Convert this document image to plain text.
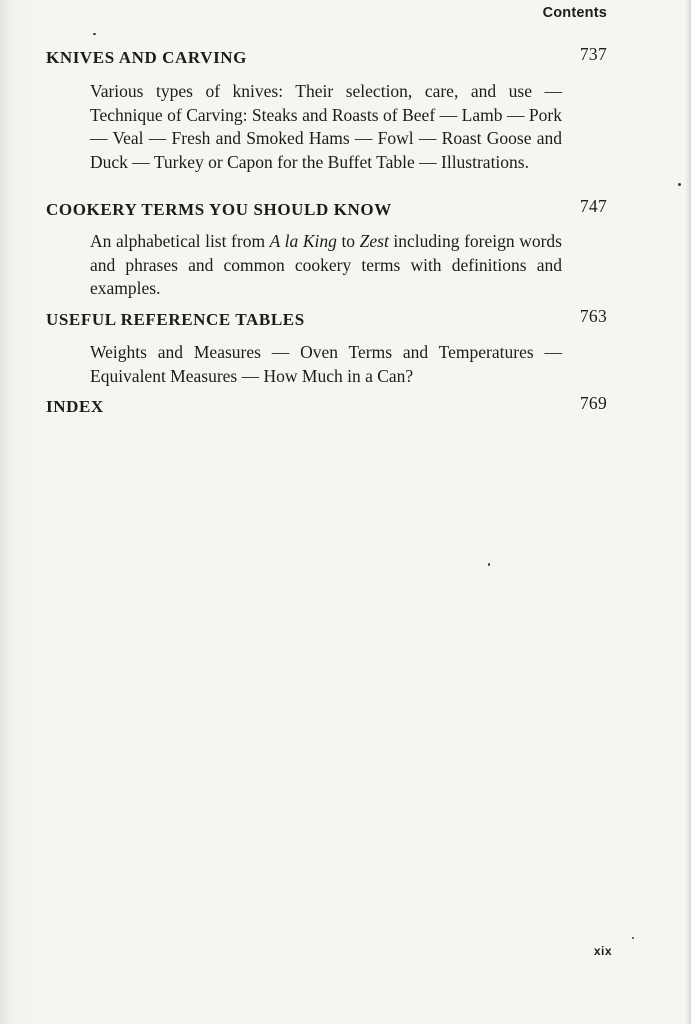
Contents
KNIVES AND CARVING	737
Various types of knives: Their selection, care, and use — Technique of Carving: Steaks and Roasts of Beef — Lamb — Pork — Veal — Fresh and Smoked Hams — Fowl — Roast Goose and Duck — Turkey or Capon for the Buffet Table — Illustrations.
COOKERY TERMS YOU SHOULD KNOW	747
An alphabetical list from A la King to Zest including foreign words and phrases and common cookery terms with definitions and examples.
USEFUL REFERENCE TABLES	763
Weights and Measures — Oven Terms and Temperatures — Equivalent Measures — How Much in a Can?
INDEX	769
xix
